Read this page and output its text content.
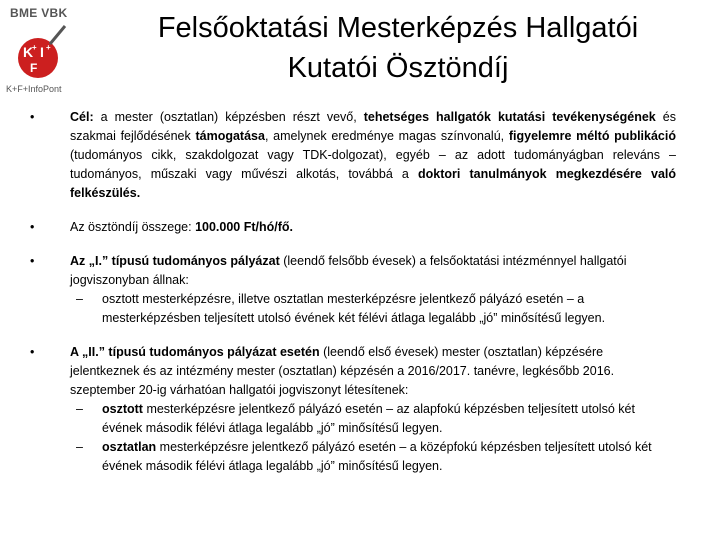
BME VBK
K
+ I +
F
K+F+InfoPont
Felsőoktatási Mesterképzés Hallgatói
Kutatói Ösztöndíj
•	Cél: a mester (osztatlan) képzésben részt vevő, tehetséges hallgatók kutatási tevékenységének és szakmai fejlődésének támogatása, amelynek eredménye magas színvonalú, figyelemre méltó publikáció (tudományos cikk, szakdolgozat vagy TDK-dolgozat), egyéb – az adott tudományágban releváns – tudományos, műszaki vagy művészi alkotás, továbbá a doktori tanulmányok megkezdésére való felkészülés.
•	Az ösztöndíj összege: 100.000 Ft/hó/fő.
•	Az „I.” típusú tudományos pályázat (leendő felsőbb évesek) a felsőoktatási intézménnyel hallgatói jogviszonyban állnak:
– osztott mesterképzésre, illetve osztatlan mesterképzésre jelentkező pályázó esetén – a mesterképzésben teljesített utolsó évének két félévi átlaga legalább „jó” minősítésű legyen.
•	A „II.” típusú tudományos pályázat esetén (leendő első évesek) mester (osztatlan) képzésére jelentkeznek és az intézmény mester (osztatlan) képzésén a 2016/2017. tanévre, legkésőbb 2016. szeptember 20-ig várhatóan hallgatói jogviszonyt létesítenek:
– osztott mesterképzésre jelentkező pályázó esetén – az alapfokú képzésben teljesített utolsó két évének második félévi átlaga legalább „jó” minősítésű legyen.
– osztatlan mesterképzésre jelentkező pályázó esetén – a középfokú képzésben teljesített utolsó két évének második félévi átlaga legalább „jó” minősítésű legyen.
